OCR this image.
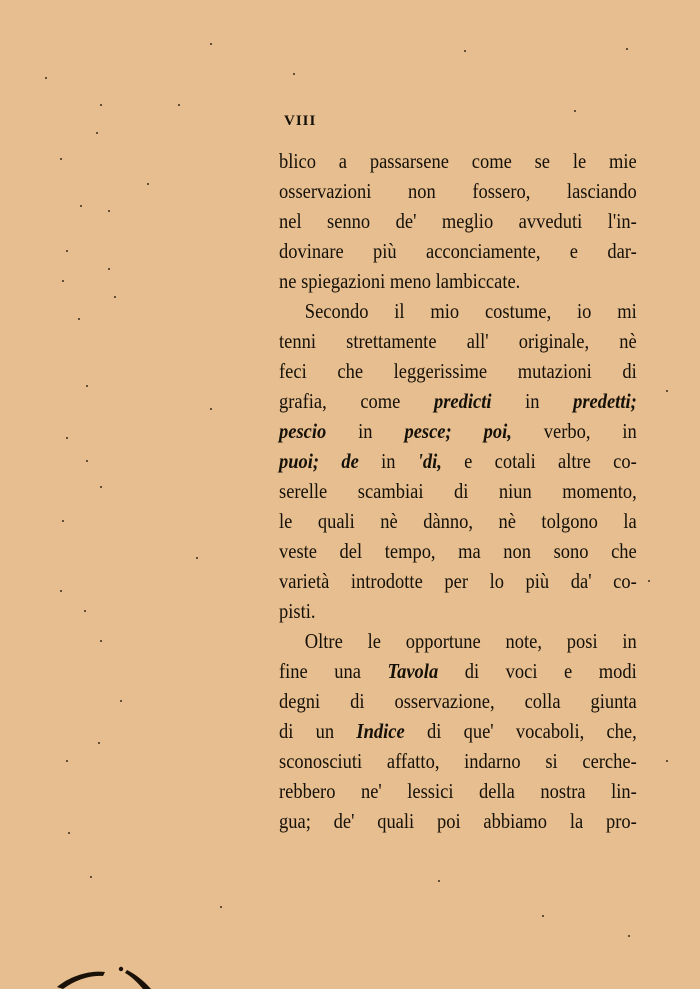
VIII
blico a passarsene come se le mie
osservazioni non fossero, lasciando
nel senno de' meglio avveduti l'in-
dovinare più acconciamente, e dar-
ne spiegazioni meno lambiccate.
Secondo il mio costume, io mi
tenni strettamente all' originale, nè
feci che leggerissime mutazioni di
grafia, come predicti in predetti;
pescio in pesce; poi, verbo, in
puoi; de in 'di, e cotali altre co-
serelle scambiai di niun momento,
le quali nè dànno, nè tolgono la
veste del tempo, ma non sono che
varietà introdotte per lo più da' co-
pisti.
Oltre le opportune note, posi in
fine una Tavola di voci e modi
degni di osservazione, colla giunta
di un Indice di que' vocaboli, che,
sconosciuti affatto, indarno si cerche-
rebbero ne' lessici della nostra lin-
gua; de' quali poi abbiamo la pro-
